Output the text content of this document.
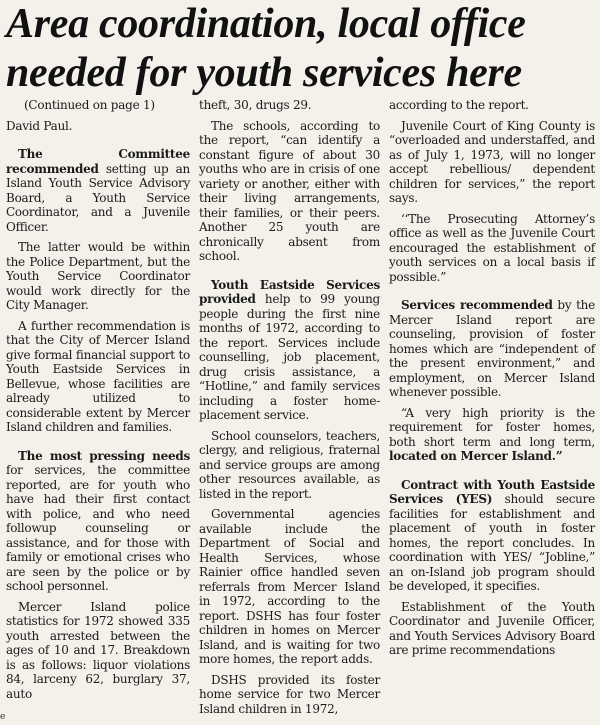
Area coordination, local office
needed for youth services here

(Continued on page 1)

David Paul.

The Committee recommended setting up an Island Youth Service Advisory Board, a Youth Service Coordinator, and a Juvenile Officer.

The latter would be within the Police Department, but the Youth Service Coordinator would work directly for the City Manager.

A further recommendation is that the City of Mercer Island give formal financial support to Youth Eastside Services in Bellevue, whose facilities are already utilized to considerable extent by Mercer Island children and families.

The most pressing needs for services, the committee reported, are for youth who have had their first contact with police, and who need followup counseling or assistance, and for those with family or emotional crises who are seen by the police or by school personnel.

Mercer Island police statistics for 1972 showed 335 youth arrested between the ages of 10 and 17. Breakdown is as follows: liquor violations 84, larceny 62, burglary 37, auto

theft, 30, drugs 29.

The schools, according to the report, “can identify a constant figure of about 30 youths who are in crisis of one variety or another, either with their living arrangements, their families, or their peers. Another 25 youth are chronically absent from school.

Youth Eastside Services provided help to 99 young people during the first nine months of 1972, according to the report. Services include counselling, job placement, drug crisis assistance, a “Hotline,” and family services including a foster home-placement service.

School counselors, teachers, clergy, and religious, fraternal and service groups are among other resources available, as listed in the report.

Governmental agencies available include the Department of Social and Health Services, whose Rainier office handled seven referrals from Mercer Island in 1972, according to the report. DSHS has four foster children in homes on Mercer Island, and is waiting for two more homes, the report adds.

DSHS provided its foster home service for two Mercer Island children in 1972,

according to the report.

Juvenile Court of King County is “overloaded and understaffed, and as of July 1, 1973, will no longer accept rebellious/ dependent children for services,” the report says.

‘‘The Prosecuting Attorney’s office as well as the Juvenile Court encouraged the establishment of youth services on a local basis if possible.”

Services recommended by the Mercer Island report are counseling, provision of foster homes which are “independent of the present environment,” and employment, on Mercer Island whenever possible.

“A very high priority is the requirement for foster homes, both short term and long term, located on Mercer Island.”

Contract with Youth Eastside Services (YES) should secure facilities for establishment and placement of youth in foster homes, the report concludes. In coordination with YES/ “Jobline,” an on-Island job program should be developed, it specifies.

Establishment of the Youth Coordinator and Juvenile Officer, and Youth Services Advisory Board are prime recommendations

e
